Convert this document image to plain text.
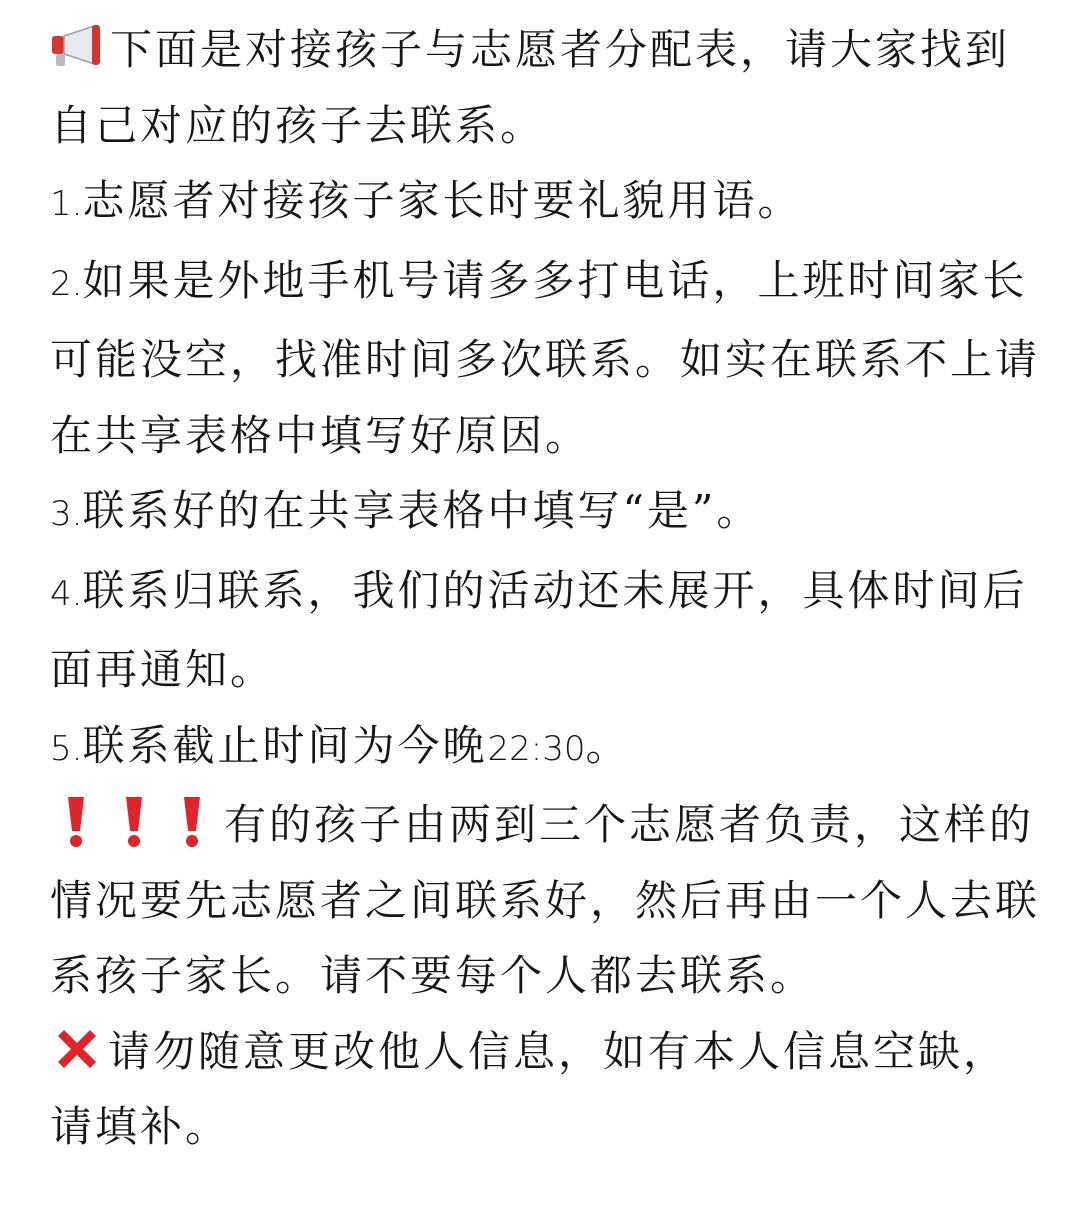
下面是对接孩子与志愿者分配表，请大家找到自己对应的孩子去联系。

1.志愿者对接孩子家长时要礼貌用语。

2.如果是外地手机号请多多打电话，上班时间家长可能没空，找准时间多次联系。如实在联系不上请在共享表格中填写好原因。

3.联系好的在共享表格中填写“是”。

4.联系归联系，我们的活动还未展开，具体时间后面再通知。

5.联系截止时间为今晚22:30。

有的孩子由两到三个志愿者负责，这样的情况要先志愿者之间联系好，然后再由一个人去联系孩子家长。请不要每个人都去联系。

请勿随意更改他人信息，如有本人信息空缺，请填补。
